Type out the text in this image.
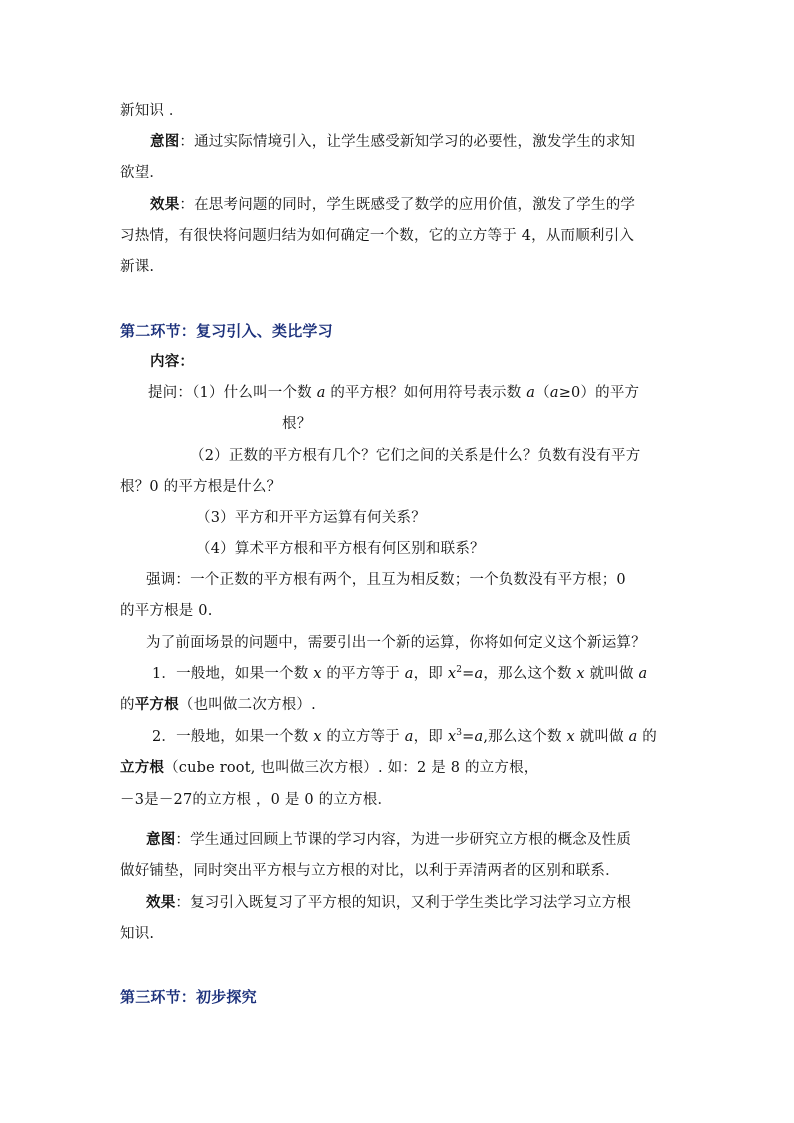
新知识 ．
意图：通过实际情境引入，让学生感受新知学习的必要性，激发学生的求知
欲望．
效果：在思考问题的同时，学生既感受了数学的应用价值，激发了学生的学
习热情，有很快将问题归结为如何确定一个数，它的立方等于 4，从而顺利引入
新课.
第二环节：复习引入、类比学习
内容：
提问：（1）什么叫一个数 a 的平方根？如何用符号表示数 a（a≥0）的平方
根？
（2）正数的平方根有几个？它们之间的关系是什么？负数有没有平方
根？0 的平方根是什么？
（3）平方和开平方运算有何关系？
（4）算术平方根和平方根有何区别和联系？
强调：一个正数的平方根有两个，且互为相反数；一个负数没有平方根；0
的平方根是 0.
为了前面场景的问题中，需要引出一个新的运算，你将如何定义这个新运算？
1．一般地，如果一个数 x 的平方等于 a，即 $x^2=a$，那么这个数 x 就叫做 a
的平方根（也叫做二次方根）.
2．一般地，如果一个数 x 的立方等于 a，即 $x^3=a$,那么这个数 x 就叫做 a 的
立方根（cube root, 也叫做三次方根）. 如：2 是 8 的立方根，
－3是－27的立方根 ，0 是 0 的立方根．
意图：学生通过回顾上节课的学习内容，为进一步研究立方根的概念及性质
做好铺垫，同时突出平方根与立方根的对比，以利于弄清两者的区别和联系．
效果：复习引入既复习了平方根的知识，又利于学生类比学习法学习立方根
知识.
第三环节：初步探究
